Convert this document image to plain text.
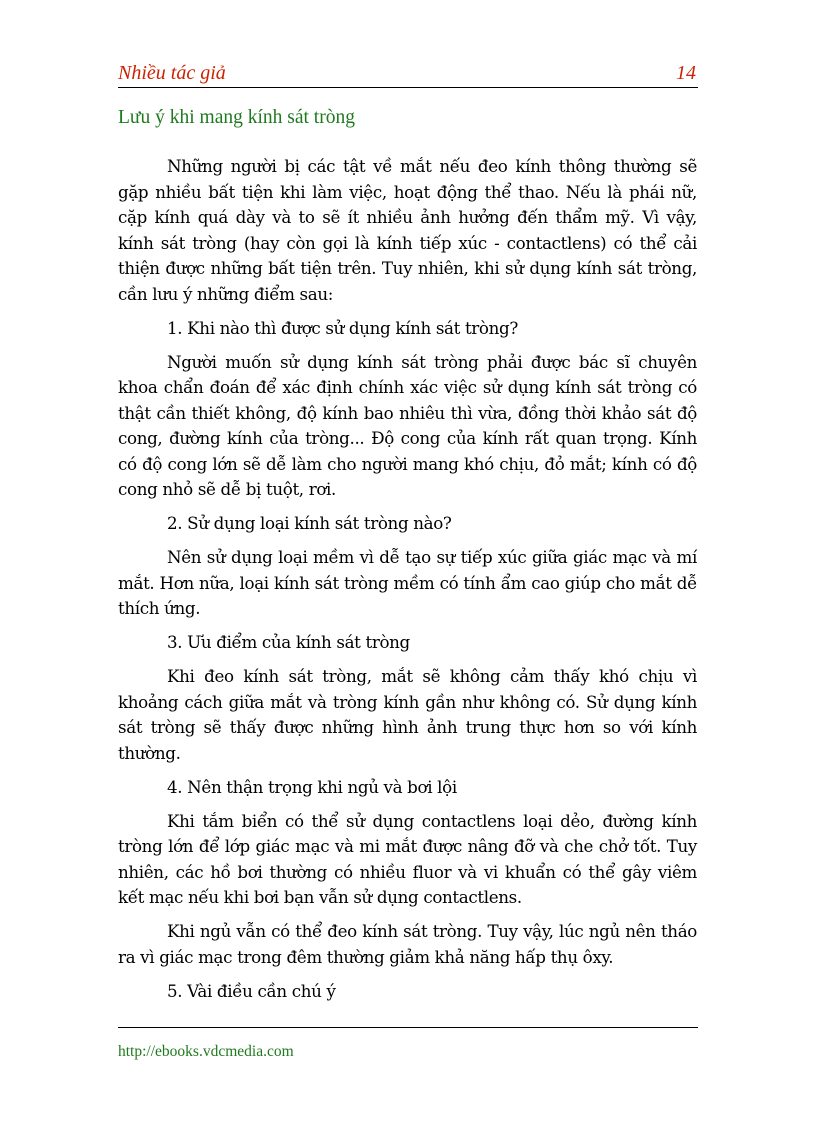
Nhiều tác giả	14
Lưu ý khi mang kính sát tròng

Những người bị các tật về mắt nếu đeo kính thông thường sẽ gặp nhiều bất tiện khi làm việc, hoạt động thể thao. Nếu là phái nữ, cặp kính quá dày và to sẽ ít nhiều ảnh hưởng đến thẩm mỹ. Vì vậy, kính sát tròng (hay còn gọi là kính tiếp xúc - contactlens) có thể cải thiện được những bất tiện trên. Tuy nhiên, khi sử dụng kính sát tròng, cần lưu ý những điểm sau:

1. Khi nào thì được sử dụng kính sát tròng?

Người muốn sử dụng kính sát tròng phải được bác sĩ chuyên khoa chẩn đoán để xác định chính xác việc sử dụng kính sát tròng có thật cần thiết không, độ kính bao nhiêu thì vừa, đồng thời khảo sát độ cong, đường kính của tròng... Độ cong của kính rất quan trọng. Kính có độ cong lớn sẽ dễ làm cho người mang khó chịu, đỏ mắt; kính có độ cong nhỏ sẽ dễ bị tuột, rơi.

2. Sử dụng loại kính sát tròng nào?

Nên sử dụng loại mềm vì dễ tạo sự tiếp xúc giữa giác mạc và mí mắt. Hơn nữa, loại kính sát tròng mềm có tính ẩm cao giúp cho mắt dễ thích ứng.

3. Ưu điểm của kính sát tròng

Khi đeo kính sát tròng, mắt sẽ không cảm thấy khó chịu vì khoảng cách giữa mắt và tròng kính gần như không có. Sử dụng kính sát tròng sẽ thấy được những hình ảnh trung thực hơn so với kính thường.

4. Nên thận trọng khi ngủ và bơi lội

Khi tắm biển có thể sử dụng contactlens loại dẻo, đường kính tròng lớn để lớp giác mạc và mi mắt được nâng đỡ và che chở tốt. Tuy nhiên, các hồ bơi thường có nhiều fluor và vi khuẩn có thể gây viêm kết mạc nếu khi bơi bạn vẫn sử dụng contactlens.

Khi ngủ vẫn có thể đeo kính sát tròng. Tuy vậy, lúc ngủ nên tháo ra vì giác mạc trong đêm thường giảm khả năng hấp thụ ôxy.

5. Vài điều cần chú ý

http://ebooks.vdcmedia.com
